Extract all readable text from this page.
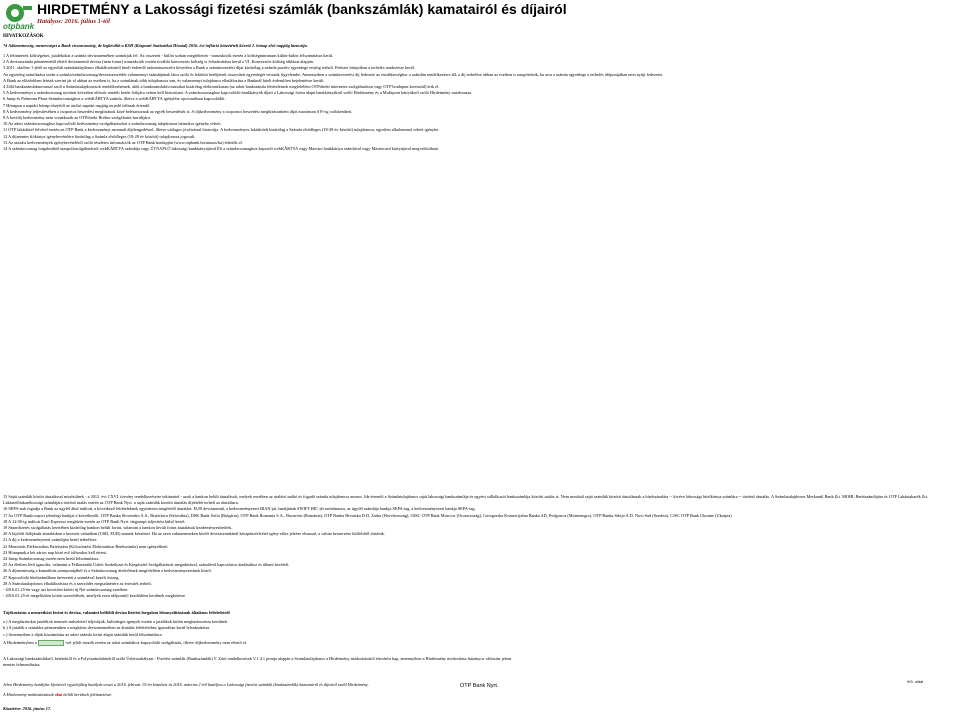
otpbank
HIRDETMÉNY a Lakossági fizetési számlák (bankszámlák) kamatairól és díjairól
Hatályos: 2016. július 1-től
HIVATKOZÁSOK
*4 Adómentesség, mentességet a Bank visszavonásig, de legkésőbb a KSH (Központi Statisztikai Hivatal) 2016. évi infláció közzétételt követő 2. hónap első napjáig biztosítja.
1 A feltüntetett költségeket, jutalékokat a számla devizanemében számítjuk fel. Az összetett - külön sorban megfeltetett - tranzakciók esetén a költségminimum külön-külön felszámításra kerül.
2 A devizaszámla pénznemétől eltérő devizanemű deviza (nem forint) tranzakciók esetén további konverziós költség is felszámításra kerül a VI. Konverziós költség táblázat alapján.
3 2011. október 1-jétől az egyedüli számlatulajdonos elhalálozásáról hitelt érdemlő tudomásszerzést követően a Bank a számlavezetési díjat kizárólag a számla pozitív egyenlege erejéig terheli. Fedezet hiányában a terhelés rendezésre kerül.
Az egyenleg számlázása során a számla/számlacsomag/devizaszerződés valamennyi számlájának látra szóló és lekötött betétjének összesített egyenlegét vesszük figyelembe. Amennyiben a számlavezetési díj fedezete az esedékességkor a számlán rendelkezésre áll, a díj terhelése abban az esetben is megtörténik, ha arra a számla egyenlege a terhelés időpontjában nem nyújt fedezetet.
A Bank az előzőekben leírtak szerint jár el abban az esetben is, ha a számlának több tulajdonosa van, és valamennyi tulajdonos elhalálozása a Banknál hitelt érdemlően bejelentésre került.
4 Zöld bankszámlaknovantal szolt a Számlatulajdonosok rendelkezhetnek, akik a bankszámlakivonataikat kizárólag elektronikusan (az adott bankszámla feltételeinek megfelelően OTPdirekt internetes szolgáltatáson vagy OTP honlapon keresztül) érik el.
5 A kedvezményt a számlacsomag nyitását követően előszőr rendelt betéti fiókjára vetten kell biztosítani. A számlacsomaghoz kapcsolódó bankkártyák díjait a Lakossági forint alapú bankkártyákról szóló Hirdetmény és a Multipont kártyákról szóló Hirdetmény tartalmazza.
6 Jump és Prémium Plusz Számlacsomaghoz a webKÁRTYA számla, illetve a webKÁRTYA igénylése opcionálisan kapcsolódik.
7 Hónapon a naptári hónap elsejétől az utolsó naptári napjáig terjedő időszak értendő.
8 A kedvezmény teljesítésében a csoportos beszedési megbízások közé beletartoznak az egyéb beszedések is. A díjkedvezmény a csoportos beszedési megbízásonként díjat maximum 0 Ft-ig csökkentheti.
9 A havidíj kedvezmény nem vonatkozik az OTPdirekt Bróker szolgáltatás havidíjára.
10 Az adott számlacsomaghoz kapcsolódó kedvezmény-szolgáltatásokat a számlacsomag tulajdonosa bármikor igénybe veheti.
11 OTP lakáshitel felvétel esetén az OTP Bank a kedvezményt azonnali díjelengedéssel, illetve utólagos jóváírással biztosítja. A kedvezményes lakáshitelt kizárólag a Számla elsődleges (18-28 év közötti) tulajdonosa, egyetlen alkalommal veheti igénybe.
12 A díjmentes fiókártya igénybevételére kizárólag a Számla elsődleges (18-28 év közötti) tulajdonosa jogosult.
13 Az utazási kedvezmények igénybevételéről szóló részletes információk az OTP Bank honlapján (www.otpbank.hu/utazas/hu) érhetők el.
14 A számlacsomag forgalmából utaspoliszolgáltatásról webKÁRTYA számlája vagy ÚTNAPLÓ lakossági bankkártyájával ÉS a számlacsomaghoz kapcsolt webKÁRTYA vagy Maestro bankkártya számlával vagy Mastercard kártyájával megvalósítható.
15 Saját számlák között átutalással minősülnek - a 2012. évi CXVI. törvény rendelkezéseire tekintettel - azok a bankon belüli átutalások, melyek esetében az utaláist indító és fogadó számla tulajdonosa azonos. Ide értendő a Számlatulajdonos saját lakossági bankszámlája és egyéni vállalkozói bankszámlája közötti utalás is. Nem minősül saját számlák közötti átutalásnak a hitelszámlára -- kivéve lakossági hitelkártya számlára -- történő átutalás. A Számlatulajdonos Merkantil Bank Zrt. MOHL Betétszámlájára és OTP Lakástakarék Zrt. Lakástelőtakarékossági számlájára történő utalás esetén az OTP Bank Nyrt. a saját számlák közötti átutalás díjtételét terheli az átutalásra.
16 SEPA-nak fogadja a Bank az ügyfél által indított, a következő feltételeknek együttesen megfelelő átutalást: EUR devizanemű, a kedvezményezett IBAN-ját, bankjának SWIFT BIC-jét tartalmazza, az ügyfél számlája bankja SEPA-tag, a kedvezményezett bankja SEPA-tag.
17 Az OTP Bankcsoport jelenlegi bankjai a következők: OTP Banka Slovensko A.S., Bratislava (Szlovákia), DSK Bank Sofia (Bulgária), OTP Bank Romania S.A., Bucuresti (Románia), OTP Banka Hrvatska D.D, Zadar (Horvátország), OJSC OTP Bank Moscow (Oroszország), Crnogorska Komercijalna Banka AD, Podgorica (Montenegro), OTP Banka Srbija A.D. Novi Sad (Szerbia), CJSC OTP Bank Ukraine (Ukrajna)
18 A 12:00-ig indított Euró Expressz megbízás esetén az OTP Bank Nyrt. tárgynapi teljesítést külső kezel.
19 Smartfizetés szolgáltatás keretében kizárólag bankon belüli forint, valamint a bankon kívüli forint átutalások kezdeményezhetőek.
20 A kijelölt fiókjának átutalásban a keresett valutában (USD, EUR) tartunk készletet. Ha az ezen valutanemeken kívüli devizaszámlánál készpénzfelvétel igény előre jelzése elmarad, a valuta beszerzése külföldről történik.
21 A díj a kedvezményezett számláján kerül terhelésre.
22 Memóriás Elektronikus Betétszám (Kölcsönzési Elektronikus Betétszámla) nem igényelhető.
23 Hónapnak a két zártos nap közé eső időszakot kell érteni.
24 Jump Számlacsomag esetén nem kerül felszámításra.
25 Az életben lévő igazolás, valamint a Felhasználó Üzleti Szabályzat és Kiegészítő Szolgáltatások megadásával, számlával kapcsolatos átadásához és állami bevételt.
26 A díjmentesség a kamatlírás szempontjából és a Számlacsomag átvételének megfelelően a kedvezményezettnek közöl.
27 Kapcsolódó hitelszámlában átvezetett a számlával kezelt összeg.
28 A Számlatulajdonos elhalálozására és a szerződés megszűnésére az értesítés terheli.
- 2016.01.25-én vagy azt követően kötött új Net számlacsomag esetében
- 2016.01.25-ét megelőzően kötött szerződések, amelyek ezen időponttól kezdődően kerülnek megkötésre
Tájékoztatás a nemzetközi forint és deviza, valamint belföldi deviza fizetési forgalom lebonyolításának általános feltételeiről
a.) A megbízásokat jutalékok nemzeti művelettel teljesítjük, különleges igények esetén a jutalékok külön meghatározásra kerülnek.
b.) A jutalék a számlára pénznemben a megbízás devizanemeiben az átutalás feltételeihez igazodóan kerül felszámításra.
c.) Amennyiben a díjak kiszámítása az adott számla forint alapú számlák kerül felszámításra.
A Hirdetményben a	-vel jelölt mezők esetén az adott számlához kapcsolódó szolgáltatás, illetve díjkedvezmény nem érhető el.
A Lakossági bankszámlákról, betétekről és a Folyószámlahitelről szóló Üzletszabályzat - Fizetési számlák (Bankszámlák) V. Záró rendelkezések V.1.4.1 pontja alapján a Számlatulajdonos a Hirdetmény módosításáról értesítést kap, amennyiben a Hirdetmény módosítása hátrányos változást jelent.
mentes felmondására.
Jelen Hirdetmény hatályba lépésével egyidejűleg hatályát veszti a 2016. február 15-én közzétett és 2016. március 1-től hatályos a Lakossági fizetési számlák (bankszámlák) kamatairól és díjairól szóló Hirdetmény.
A Hirdetmény módosításának okai belüli kerülnek feltüntetésre.
Közzétéve: 2016. június 17.
OTP Bank Nyrt.
9/9. oldal
